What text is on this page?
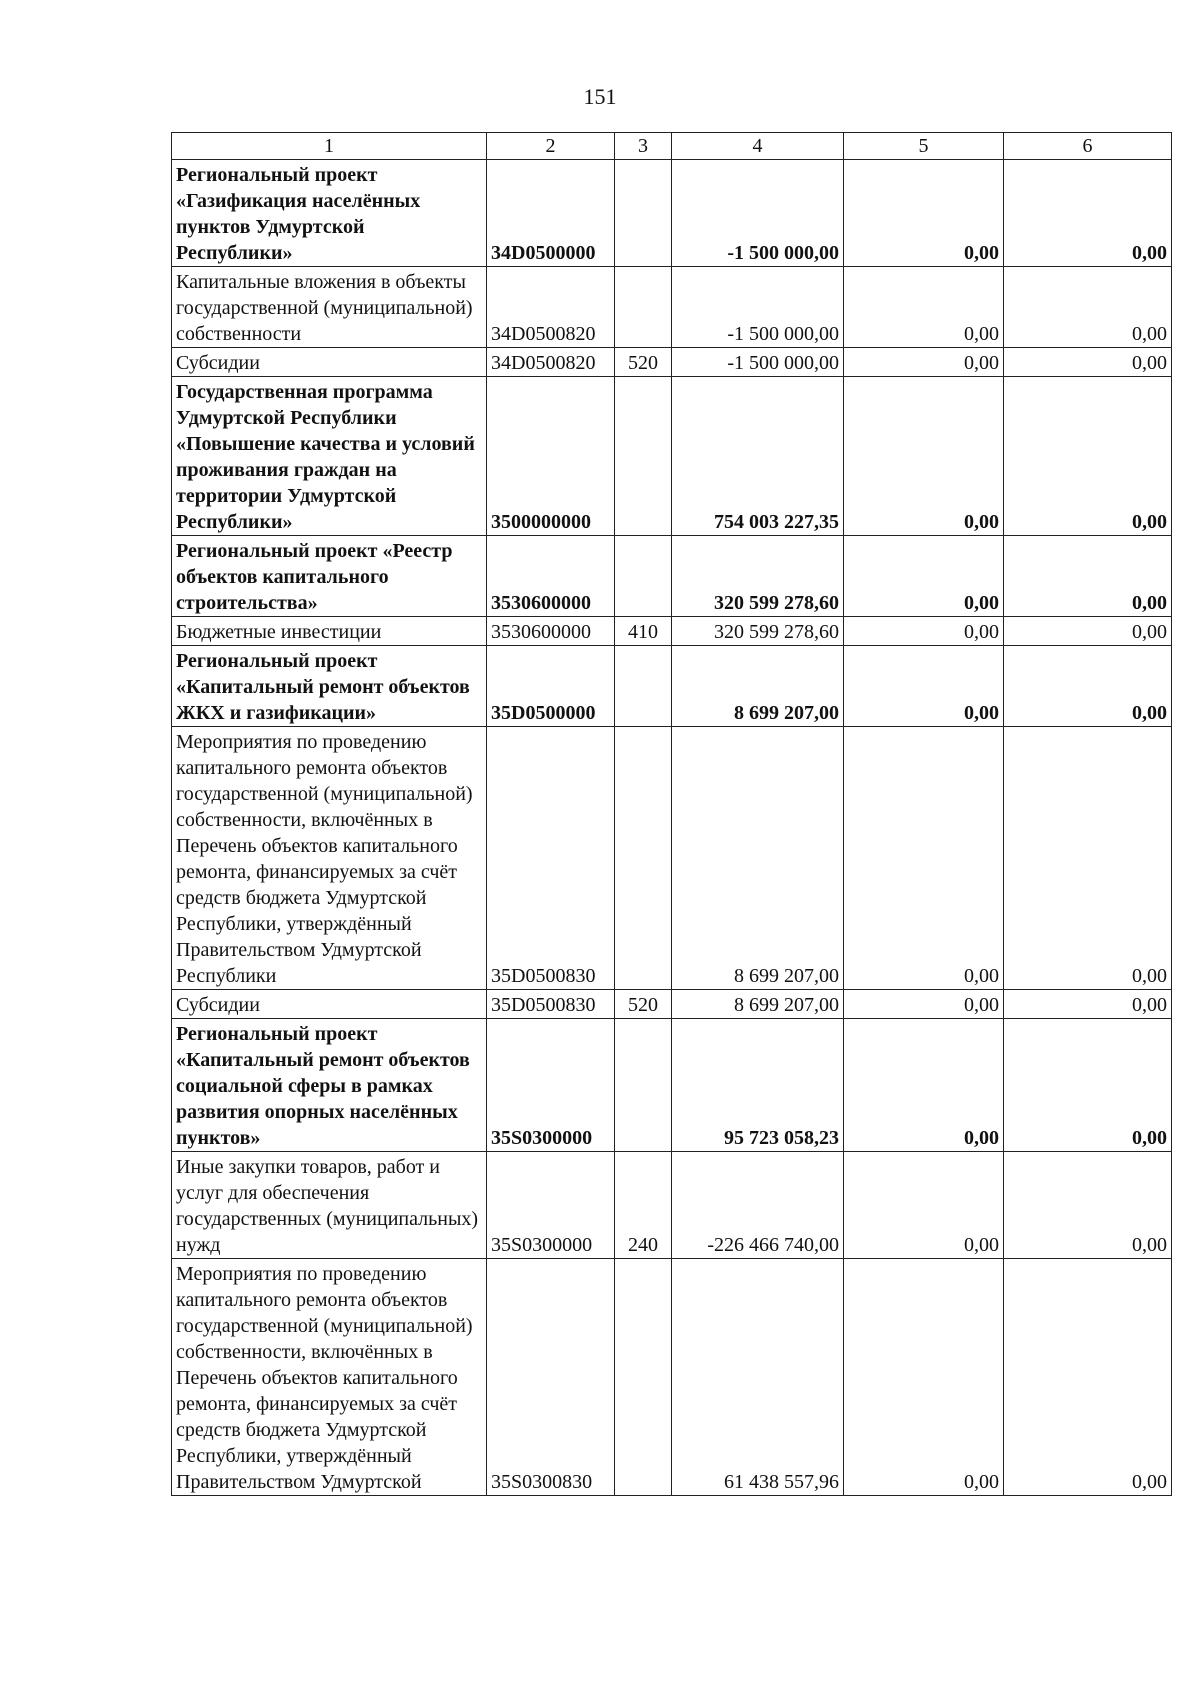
151
1	2	3	4	5	6
Региональный проект «Газификация населённых пунктов Удмуртской Республики»	34D0500000		-1 500 000,00	0,00	0,00
Капитальные вложения в объекты государственной (муниципальной) собственности	34D0500820		-1 500 000,00	0,00	0,00
Субсидии	34D0500820	520	-1 500 000,00	0,00	0,00
Государственная программа Удмуртской Республики «Повышение качества и условий проживания граждан на территории Удмуртской Республики»	3500000000		754 003 227,35	0,00	0,00
Региональный проект «Реестр объектов капитального строительства»	3530600000		320 599 278,60	0,00	0,00
Бюджетные инвестиции	3530600000	410	320 599 278,60	0,00	0,00
Региональный проект «Капитальный ремонт объектов ЖКХ и газификации»	35D0500000		8 699 207,00	0,00	0,00
Мероприятия по проведению капитального ремонта объектов государственной (муниципальной) собственности, включённых в Перечень объектов капитального ремонта, финансируемых за счёт средств бюджета Удмуртской Республики, утверждённый Правительством Удмуртской Республики	35D0500830		8 699 207,00	0,00	0,00
Субсидии	35D0500830	520	8 699 207,00	0,00	0,00
Региональный проект «Капитальный ремонт объектов социальной сферы в рамках развития опорных населённых пунктов»	35S0300000		95 723 058,23	0,00	0,00
Иные закупки товаров, работ и услуг для обеспечения государственных (муниципальных) нужд	35S0300000	240	-226 466 740,00	0,00	0,00
Мероприятия по проведению капитального ремонта объектов государственной (муниципальной) собственности, включённых в Перечень объектов капитального ремонта, финансируемых за счёт средств бюджета Удмуртской Республики, утверждённый Правительством Удмуртской	35S0300830		61 438 557,96	0,00	0,00
